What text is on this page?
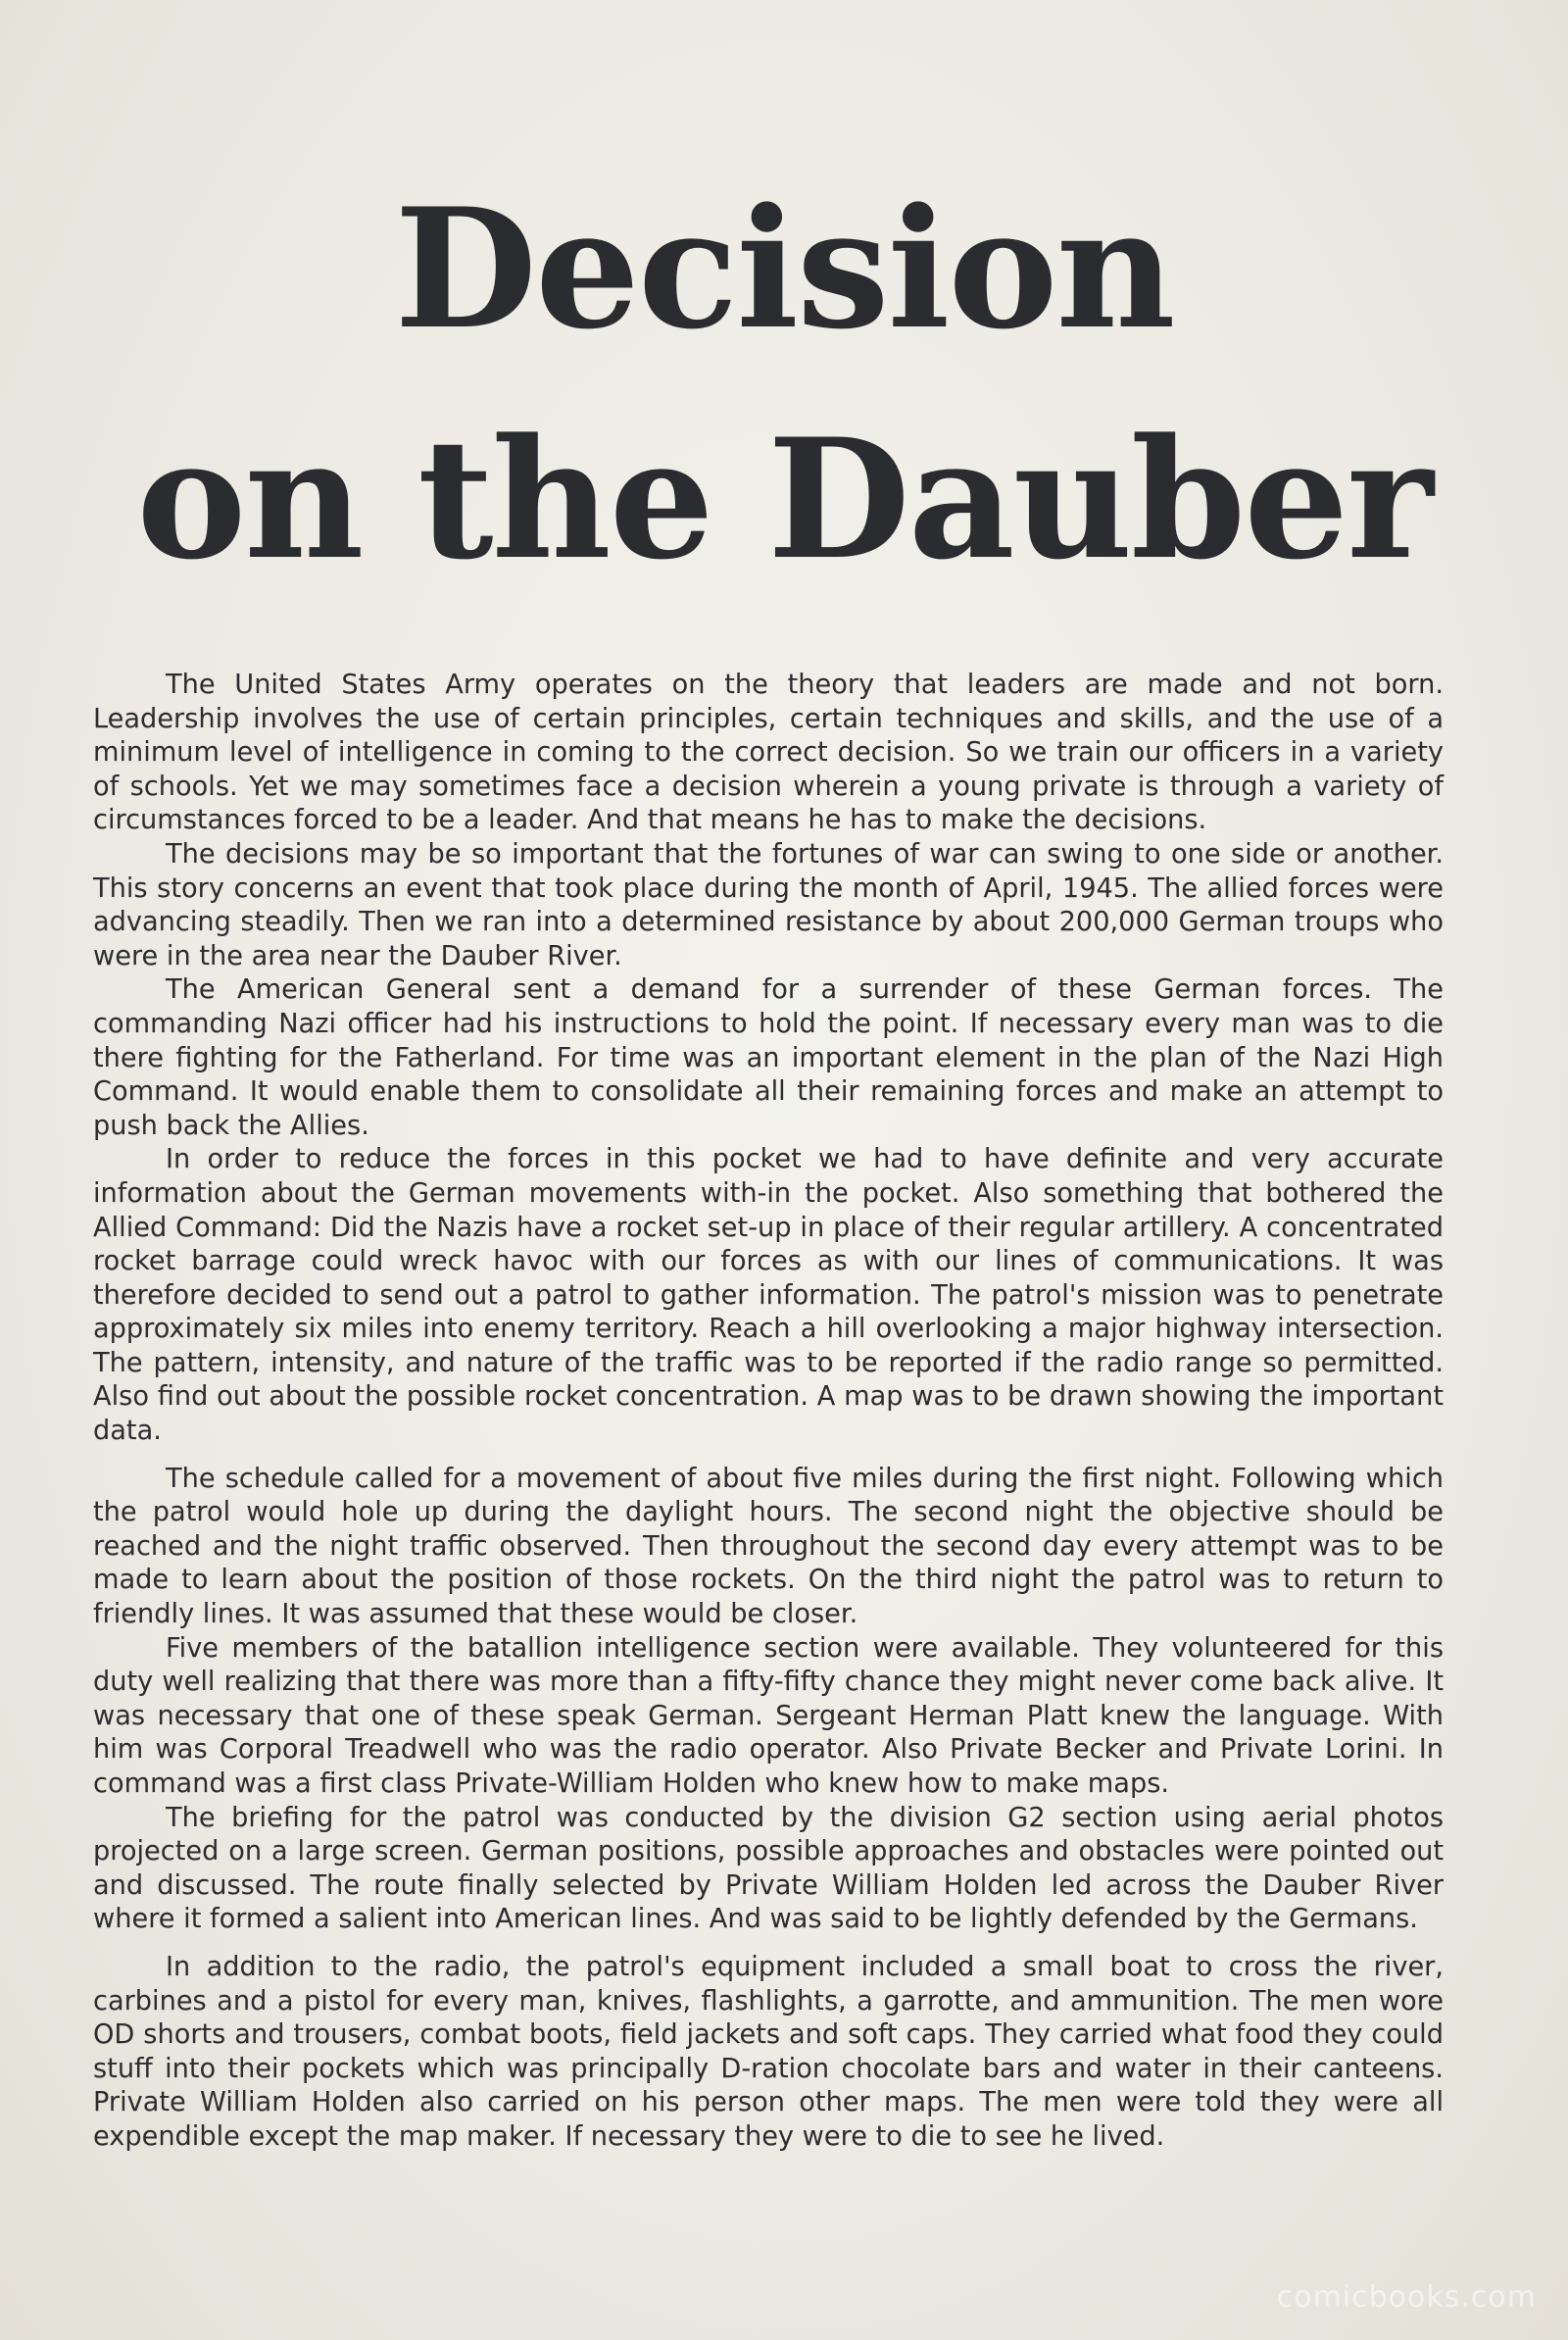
Decision
on the Dauber

The United States Army operates on the theory that leaders are made and not born. Leadership involves the use of certain principles, certain techniques and skills, and the use of a minimum level of intelligence in coming to the correct decision. So we train our officers in a variety of schools. Yet we may sometimes face a decision wherein a young private is through a variety of circumstances forced to be a leader. And that means he has to make the decisions.

The decisions may be so important that the fortunes of war can swing to one side or another. This story concerns an event that took place during the month of April, 1945. The allied forces were advancing steadily. Then we ran into a determined resistance by about 200,000 German troups who were in the area near the Dauber River.

The American General sent a demand for a surrender of these German forces. The commanding Nazi officer had his instructions to hold the point. If necessary every man was to die there fighting for the Fatherland. For time was an important element in the plan of the Nazi High Command. It would enable them to consolidate all their remaining forces and make an attempt to push back the Allies.

In order to reduce the forces in this pocket we had to have definite and very accurate information about the German movements with-in the pocket. Also something that bothered the Allied Command: Did the Nazis have a rocket set-up in place of their regular artillery. A concentrated rocket barrage could wreck havoc with our forces as with our lines of communications. It was therefore decided to send out a patrol to gather information. The patrol's mission was to penetrate approximately six miles into enemy territory. Reach a hill overlooking a major highway intersection. The pattern, intensity, and nature of the traffic was to be reported if the radio range so permitted. Also find out about the possible rocket concentration. A map was to be drawn showing the important data.

The schedule called for a movement of about five miles during the first night. Following which the patrol would hole up during the daylight hours. The second night the objective should be reached and the night traffic observed. Then throughout the second day every attempt was to be made to learn about the position of those rockets. On the third night the patrol was to return to friendly lines. It was assumed that these would be closer.

Five members of the batallion intelligence section were available. They volunteered for this duty well realizing that there was more than a fifty-fifty chance they might never come back alive. It was necessary that one of these speak German. Sergeant Herman Platt knew the language. With him was Corporal Treadwell who was the radio operator. Also Private Becker and Private Lorini. In command was a first class Private-William Holden who knew how to make maps.

The briefing for the patrol was conducted by the division G2 section using aerial photos projected on a large screen. German positions, possible approaches and obstacles were pointed out and discussed. The route finally selected by Private William Holden led across the Dauber River where it formed a salient into American lines. And was said to be lightly defended by the Germans.

In addition to the radio, the patrol's equipment included a small boat to cross the river, carbines and a pistol for every man, knives, flashlights, a garrotte, and ammunition. The men wore OD shorts and trousers, combat boots, field jackets and soft caps. They carried what food they could stuff into their pockets which was principally D-ration chocolate bars and water in their canteens. Private William Holden also carried on his person other maps. The men were told they were all expendible except the map maker. If necessary they were to die to see he lived.

comicbooks.com
